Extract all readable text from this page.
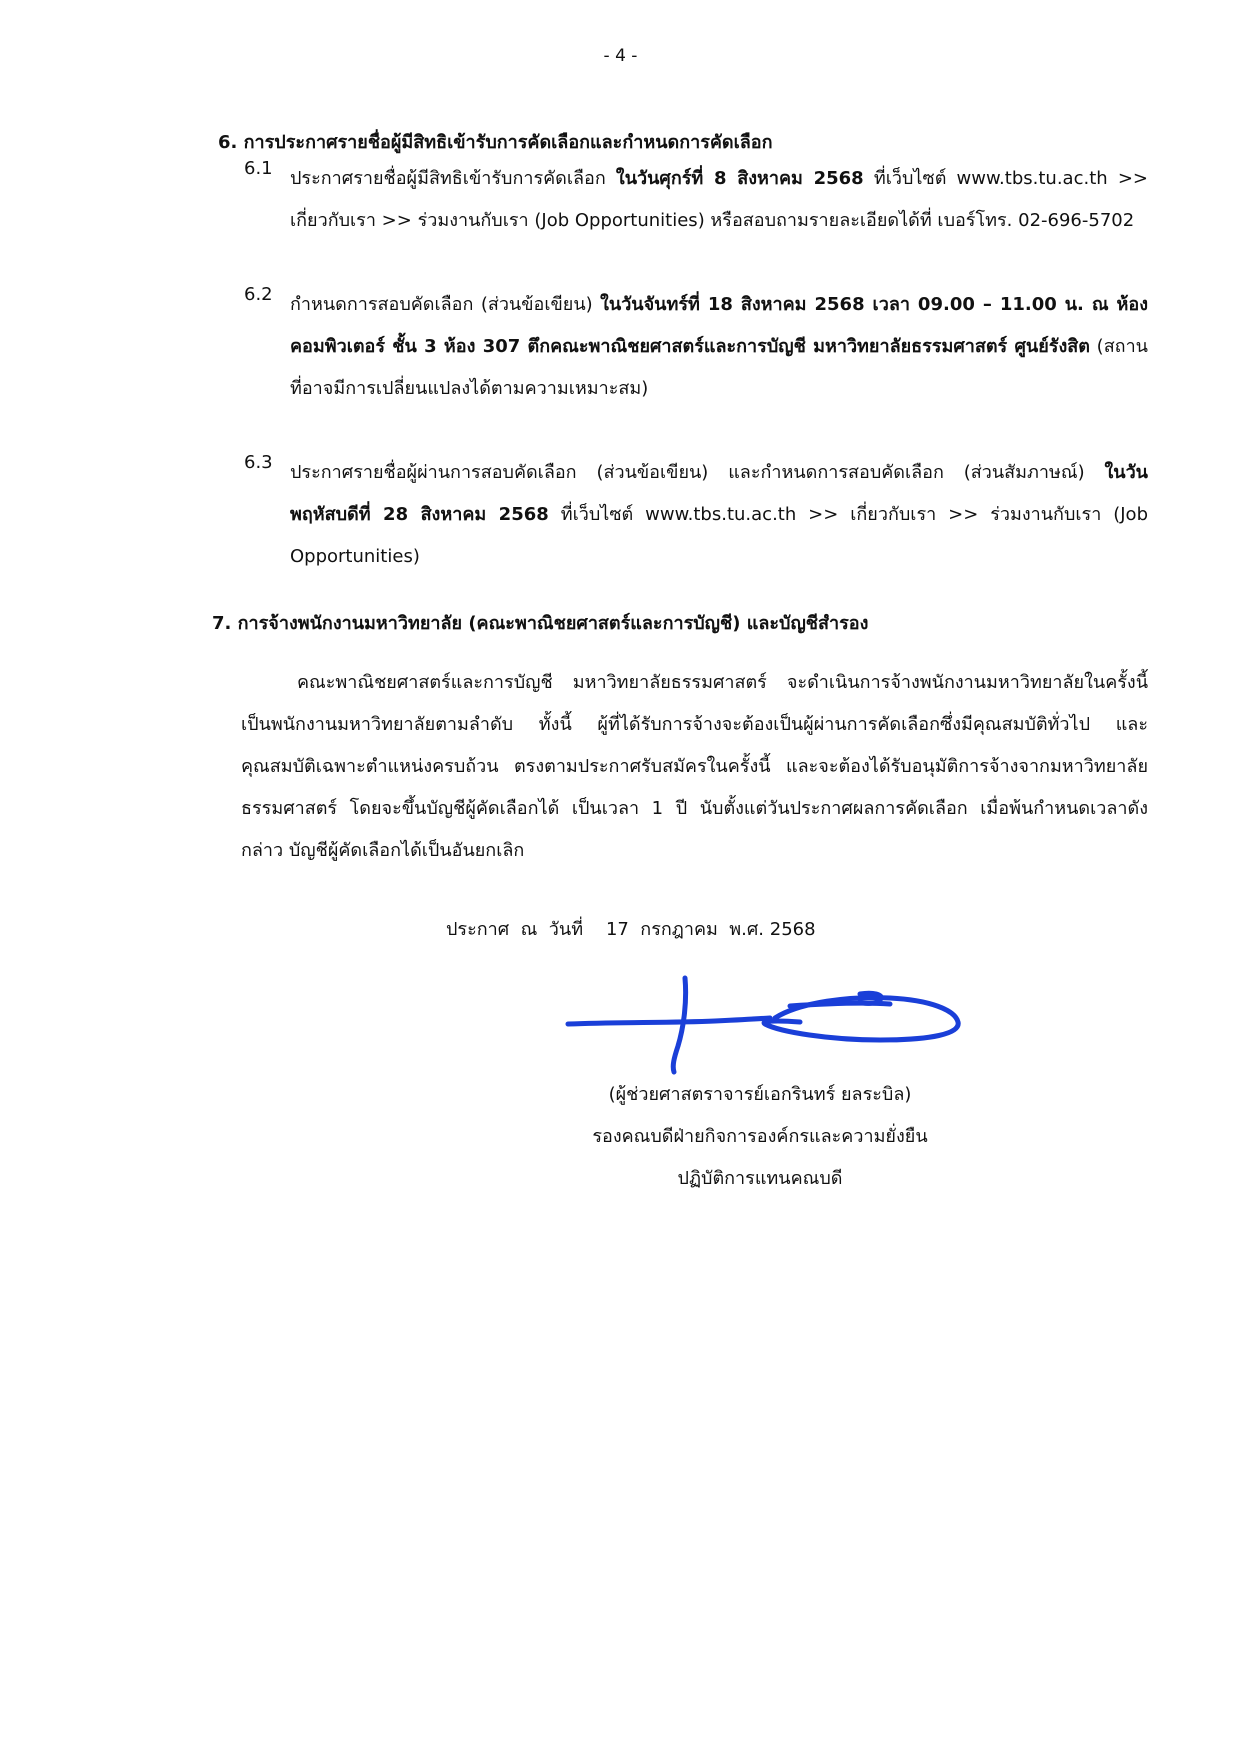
- 4 -
6. การประกาศรายชื่อผู้มีสิทธิเข้ารับการคัดเลือกและกำหนดการคัดเลือก
6.1 ประกาศรายชื่อผู้มีสิทธิเข้ารับการคัดเลือก ในวันศุกร์ที่ 8 สิงหาคม 2568 ที่เว็บไซต์ www.tbs.tu.ac.th >> เกี่ยวกับเรา >> ร่วมงานกับเรา (Job Opportunities) หรือสอบถามรายละเอียดได้ที่ เบอร์โทร. 02-696-5702
6.2 กำหนดการสอบคัดเลือก (ส่วนข้อเขียน) ในวันจันทร์ที่ 18 สิงหาคม 2568 เวลา 09.00 – 11.00 น. ณ ห้องคอมพิวเตอร์ ชั้น 3 ห้อง 307 ตึกคณะพาณิชยศาสตร์และการบัญชี มหาวิทยาลัยธรรมศาสตร์ ศูนย์รังสิต (สถานที่อาจมีการเปลี่ยนแปลงได้ตามความเหมาะสม)
6.3 ประกาศรายชื่อผู้ผ่านการสอบคัดเลือก (ส่วนข้อเขียน) และกำหนดการสอบคัดเลือก (ส่วนสัมภาษณ์) ในวันพฤหัสบดีที่ 28 สิงหาคม 2568 ที่เว็บไซต์ www.tbs.tu.ac.th >> เกี่ยวกับเรา >> ร่วมงานกับเรา (Job Opportunities)
7. การจ้างพนักงานมหาวิทยาลัย (คณะพาณิชยศาสตร์และการบัญชี) และบัญชีสำรอง
คณะพาณิชยศาสตร์และการบัญชี มหาวิทยาลัยธรรมศาสตร์ จะดำเนินการจ้างพนักงานมหาวิทยาลัยในครั้งนี้ เป็นพนักงานมหาวิทยาลัยตามลำดับ ทั้งนี้ ผู้ที่ได้รับการจ้างจะต้องเป็นผู้ผ่านการคัดเลือกซึ่งมีคุณสมบัติทั่วไป และคุณสมบัติเฉพาะตำแหน่งครบถ้วน ตรงตามประกาศรับสมัครในครั้งนี้ และจะต้องได้รับอนุมัติการจ้างจากมหาวิทยาลัยธรรมศาสตร์ โดยจะขึ้นบัญชีผู้คัดเลือกได้ เป็นเวลา 1 ปี นับตั้งแต่วันประกาศผลการคัดเลือก เมื่อพ้นกำหนดเวลาดังกล่าว บัญชีผู้คัดเลือกได้เป็นอันยกเลิก
ประกาศ  ณ  วันที่    17  กรกฎาคม  พ.ศ. 2568
(ผู้ช่วยศาสตราจารย์เอกรินทร์ ยลระบิล)
รองคณบดีฝ่ายกิจการองค์กรและความยั่งยืน
ปฏิบัติการแทนคณบดี
